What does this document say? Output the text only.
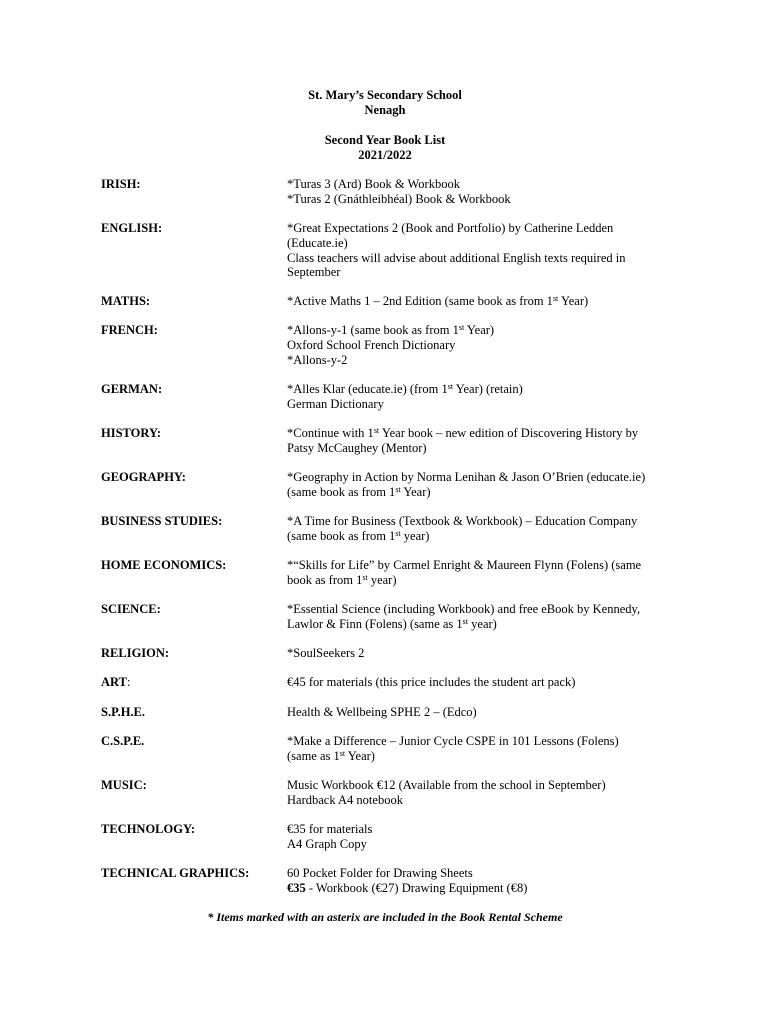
St. Mary’s Secondary School
Nenagh
Second Year Book List
2021/2022
IRISH:	*Turas 3 (Ard) Book & Workbook
*Turas 2 (Gnáthleibhéal) Book & Workbook
ENGLISH:	*Great Expectations 2 (Book and Portfolio) by Catherine Ledden
(Educate.ie)
Class teachers will advise about additional English texts required in
September
MATHS:	*Active Maths 1 – 2nd Edition (same book as from 1st Year)
FRENCH:	*Allons-y-1 (same book as from 1st Year)
Oxford School French Dictionary
*Allons-y-2
GERMAN:	*Alles Klar (educate.ie) (from 1st Year) (retain)
German Dictionary
HISTORY:	*Continue with 1st Year book – new edition of Discovering History by
Patsy McCaughey (Mentor)
GEOGRAPHY:	*Geography in Action by Norma Lenihan & Jason O’Brien (educate.ie)
(same book as from 1st Year)
BUSINESS STUDIES:	*A Time for Business (Textbook & Workbook) – Education Company
(same book as from 1st year)
HOME ECONOMICS:	*“Skills for Life” by Carmel Enright & Maureen Flynn (Folens) (same
book as from 1st year)
SCIENCE:	*Essential Science (including Workbook) and free eBook by Kennedy,
Lawlor & Finn (Folens) (same as 1st year)
RELIGION:	*SoulSeekers 2
ART:	€45 for materials (this price includes the student art pack)
S.P.H.E.	Health & Wellbeing SPHE 2 – (Edco)
C.S.P.E.	*Make a Difference – Junior Cycle CSPE in 101 Lessons (Folens)
(same as 1st Year)
MUSIC:	Music Workbook €12 (Available from the school in September)
Hardback A4 notebook
TECHNOLOGY:	€35 for materials
A4 Graph Copy
TECHNICAL GRAPHICS:	60 Pocket Folder for Drawing Sheets
€35 - Workbook (€27) Drawing Equipment (€8)
* Items marked with an asterix are included in the Book Rental Scheme
